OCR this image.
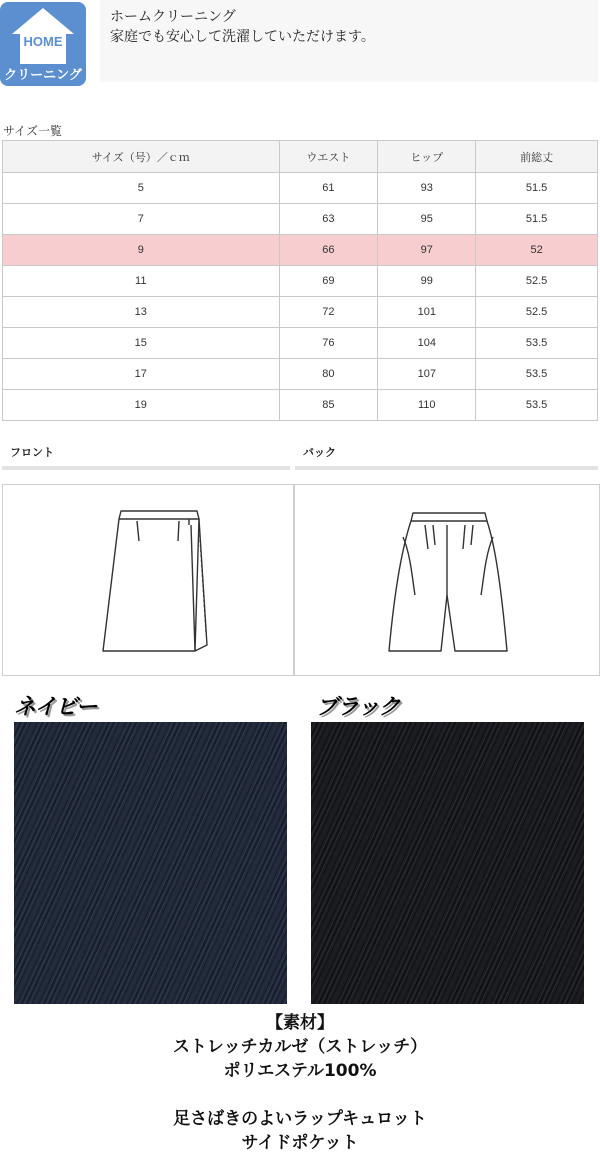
HOME
クリーニング
ホームクリーニング
家庭でも安心して洗濯していただけます。
サイズ一覧
サイズ（号）／ｃｍ	ウエスト	ヒップ	前総丈
5	61	93	51.5
7	63	95	51.5
9	66	97	52
11	69	99	52.5
13	72	101	52.5
15	76	104	53.5
17	80	107	53.5
19	85	110	53.5
フロント	バック
ネイビー	ブラック
【素材】
ストレッチカルゼ（ストレッチ）
ポリエステル100%
足さばきのよいラップキュロット
サイドポケット
